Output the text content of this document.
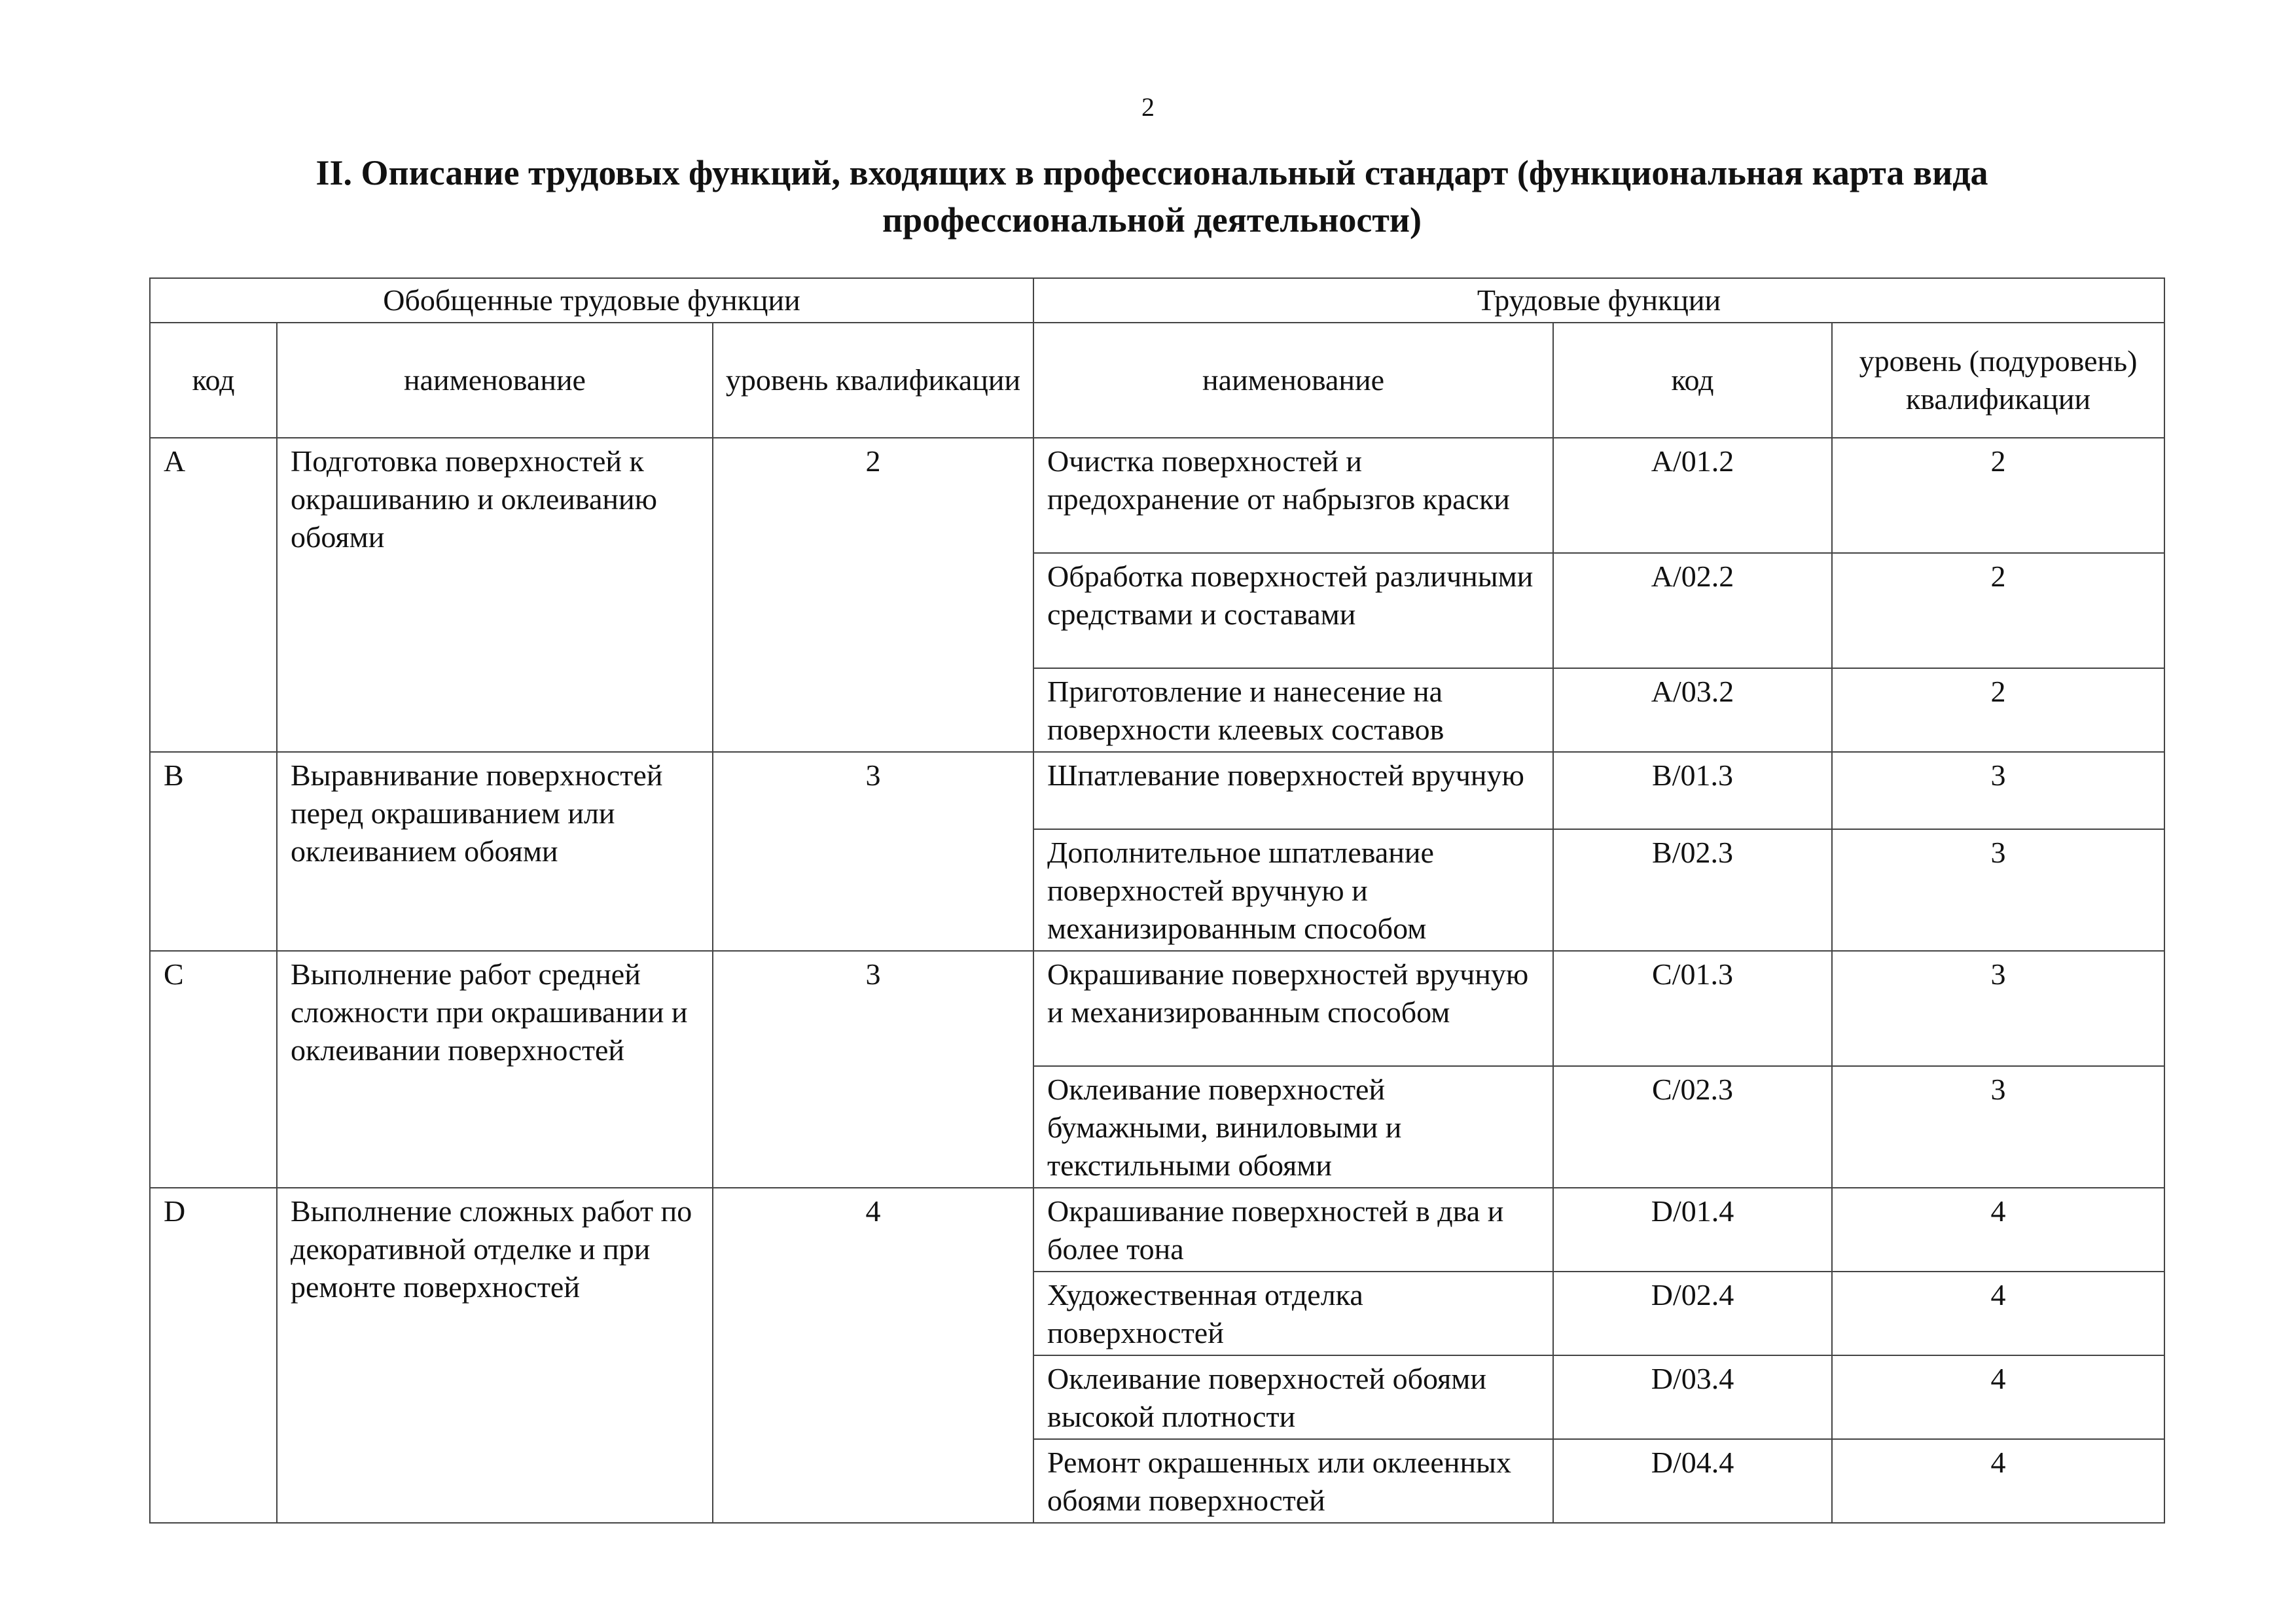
2
II. Описание трудовых функций, входящих в профессиональный стандарт (функциональная карта вида
профессиональной деятельности)
Обобщенные трудовые функции			Трудовые функции		
код	наименование	уровень квалификации	наименование	код	уровень (подуровень) квалификации
A	Подготовка поверхностей к окрашиванию и оклеиванию обоями	2	Очистка поверхностей и предохранение от набрызгов краски	A/01.2	2
			Обработка поверхностей различными средствами и составами	A/02.2	2
			Приготовление и нанесение на поверхности клеевых составов	A/03.2	2
B	Выравнивание поверхностей перед окрашиванием или оклеиванием обоями	3	Шпатлевание поверхностей вручную	B/01.3	3
			Дополнительное шпатлевание поверхностей вручную и механизированным способом	B/02.3	3
C	Выполнение работ средней сложности при окрашивании и оклеивании поверхностей	3	Окрашивание поверхностей вручную и механизированным способом	C/01.3	3
			Оклеивание поверхностей бумажными, виниловыми и текстильными обоями	C/02.3	3
D	Выполнение сложных работ по декоративной отделке и при ремонте поверхностей	4	Окрашивание поверхностей в два и более тона	D/01.4	4
			Художественная отделка поверхностей	D/02.4	4
			Оклеивание поверхностей обоями высокой плотности	D/03.4	4
			Ремонт окрашенных или оклеенных обоями поверхностей	D/04.4	4
